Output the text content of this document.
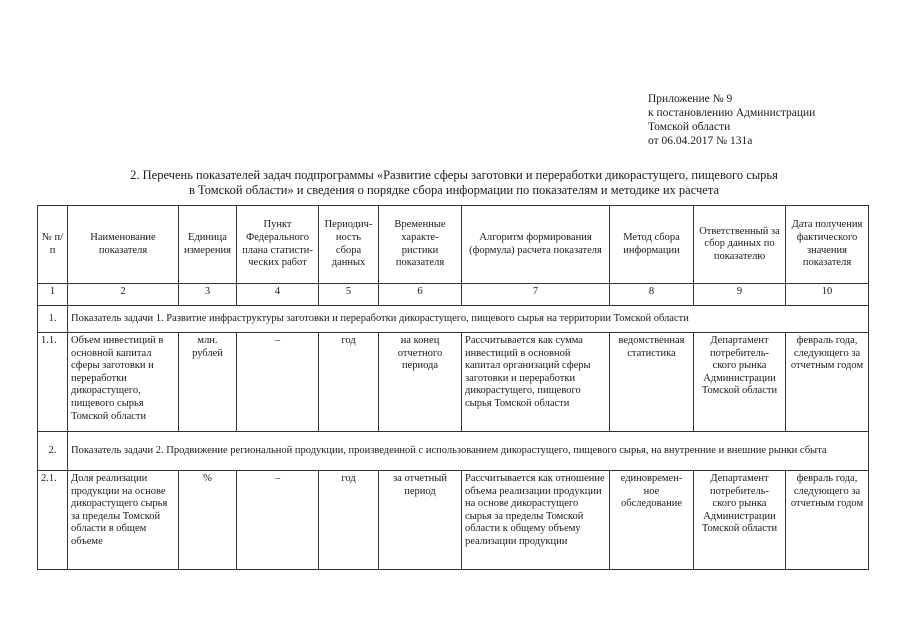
Приложение № 9
к постановлению Администрации
Томской области
от 06.04.2017 № 131а
2. Перечень показателей задач подпрограммы «Развитие сферы заготовки и переработки дикорастущего, пищевого сырья
в Томской области» и сведения о порядке сбора информации по показателям и методике их расчета
№ п/п	Наименование показателя	Единица измерения	Пункт Федерального плана статисти- ческих работ	Периодич- ность сбора данных	Временные характе- ристики показателя	Алгоритм формирования (формула) расчета показателя	Метод сбора информации	Ответственный за сбор данных по показателю	Дата получения фактического значения показателя
1	2	3	4	5	6	7	8	9	10
1.	Показатель задачи 1. Развитие инфраструктуры заготовки и переработки дикорастущего, пищевого сырья на территории Томской области								
1.1.	Объем инвестиций в основной капитал сферы заготовки и переработки дикорастущего, пищевого сырья Томской области	млн. рублей	–	год	на конец отчетного периода	Рассчитывается как сумма инвестиций в основной капитал организаций сферы заготовки и переработки дикорастущего, пищевого сырья Томской области	ведомственная статистика	Департамент потребитель- ского рынка Администрации Томской области	февраль года, следующего за отчетным годом
2.	Показатель задачи 2. Продвижение региональной продукции, произведенной с использованием дикорастущего, пищевого сырья, на внутренние и внешние рынки сбыта								
2.1.	Доля реализации продукции на основе дикорастущего сырья за пределы Томской области в общем объеме	%	–	год	за отчетный период	Рассчитывается как отношение объема реализации продукции на основе дикорастущего сырья за пределы Томской области к общему объему реализации продукции	единовремен- ное обследование	Департамент потребитель- ского рынка Администрации Томской области	февраль года, следующего за отчетным годом
